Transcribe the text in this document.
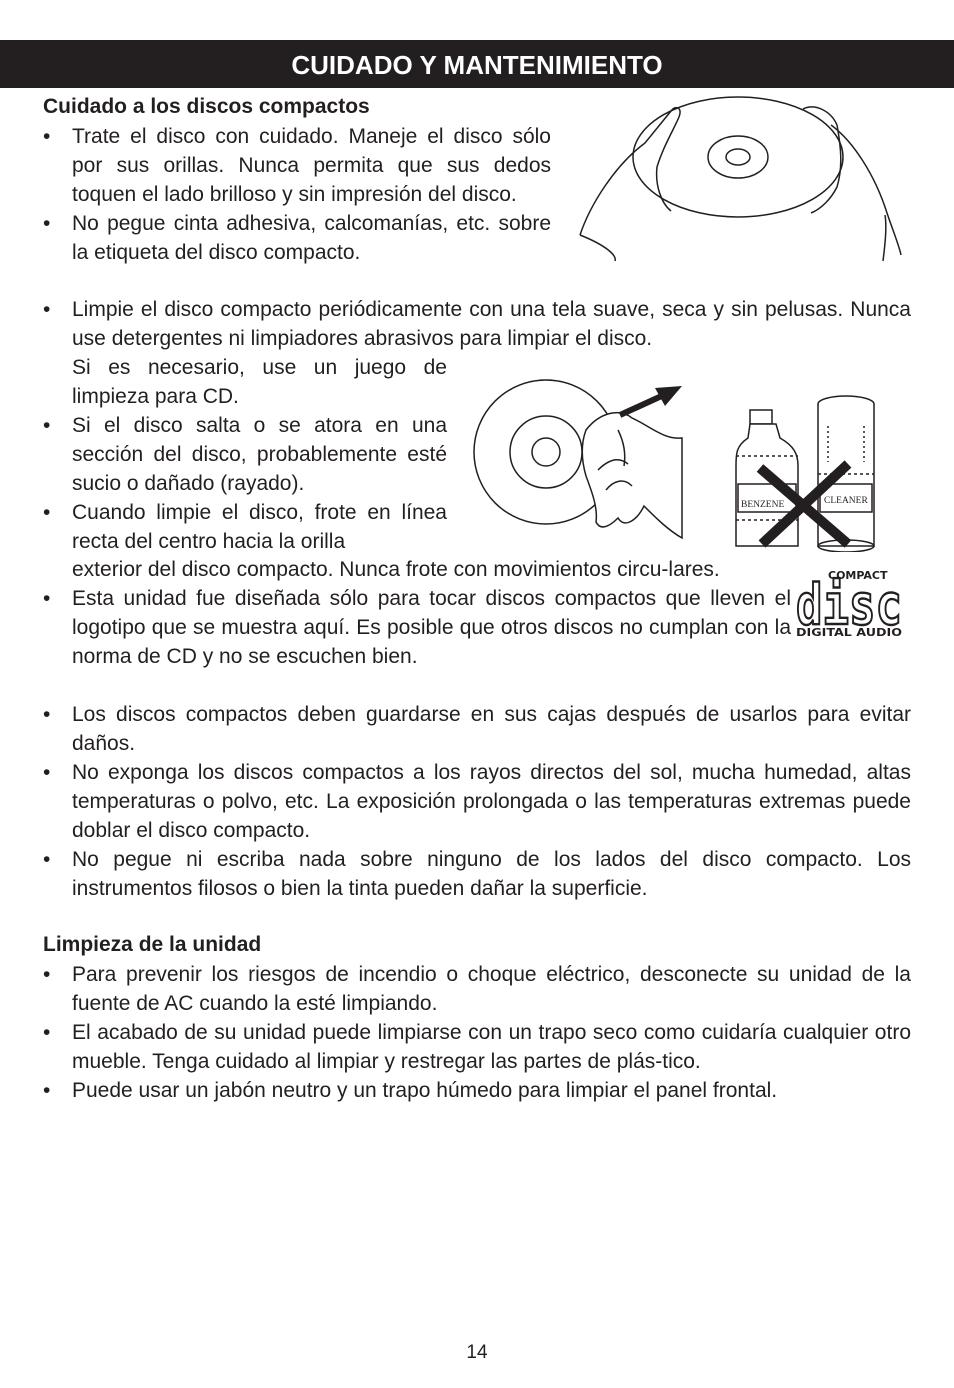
CUIDADO Y MANTENIMIENTO
Cuidado a los discos compactos
• Trate el disco con cuidado. Maneje el disco sólo por sus orillas. Nunca permita que sus dedos toquen el lado brilloso y sin impresión del disco.
• No pegue cinta adhesiva, calcomanías, etc. sobre la etiqueta del disco compacto.
• Limpie el disco compacto periódicamente con una tela suave, seca y sin pelusas. Nunca use detergentes ni limpiadores abrasivos para limpiar el disco.
Si es necesario, use un juego de limpieza para CD.
• Si el disco salta o se atora en una sección del disco, probablemente esté sucio o dañado (rayado).
• Cuando limpie el disco, frote en línea recta del centro hacia la orilla
exterior del disco compacto. Nunca frote con movimientos circu-lares.
• Esta unidad fue diseñada sólo para tocar discos compactos que lleven el logotipo que se muestra aquí. Es posible que otros discos no cumplan con la norma de CD y no se escuchen bien.
• Los discos compactos deben guardarse en sus cajas después de usarlos para evitar daños.
• No exponga los discos compactos a los rayos directos del sol, mucha humedad, altas temperaturas o polvo, etc. La exposición prolongada o las temperaturas extremas puede doblar el disco compacto.
• No pegue ni escriba nada sobre ninguno de los lados del disco compacto. Los instrumentos filosos o bien la tinta pueden dañar la superficie.
Limpieza de la unidad
• Para prevenir los riesgos de incendio o choque eléctrico, desconecte su unidad de la fuente de AC cuando la esté limpiando.
• El acabado de su unidad puede limpiarse con un trapo seco como cuidaría cualquier otro mueble. Tenga cuidado al limpiar y restregar las partes de plás-tico.
• Puede usar un jabón neutro y un trapo húmedo para limpiar el panel frontal.
BENZENE	CLEANER
COMPACT
disc
DIGITAL AUDIO
14
